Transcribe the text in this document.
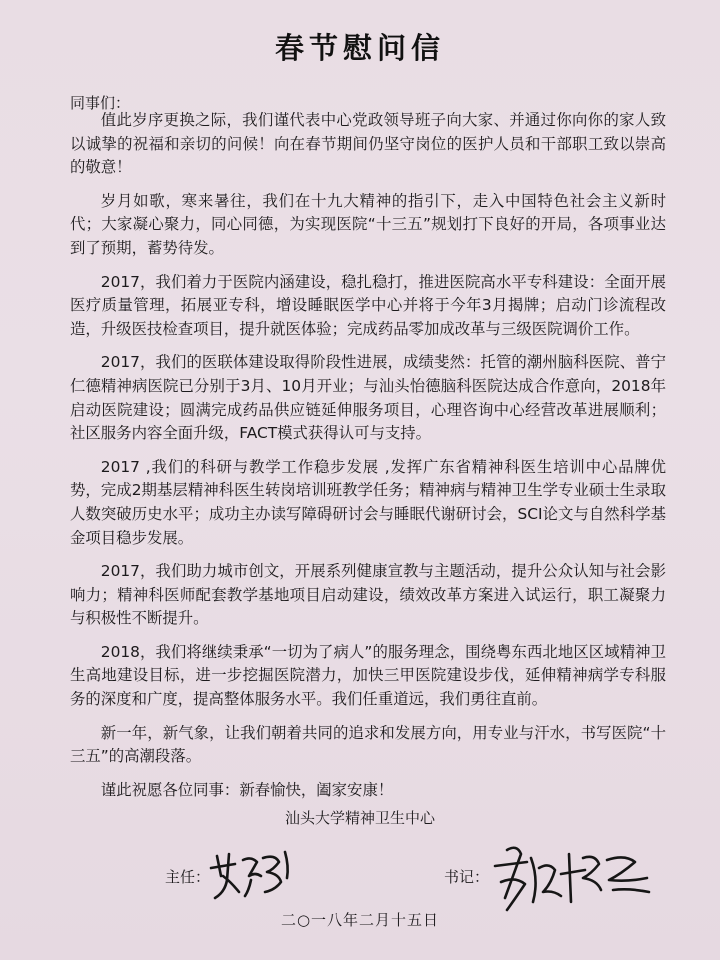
春节慰问信
同事们：

值此岁序更换之际，我们谨代表中心党政领导班子向大家、并通过你向你的家人致以诚挚的祝福和亲切的问候！向在春节期间仍坚守岗位的医护人员和干部职工致以崇高的敬意！

岁月如歌，寒来暑往，我们在十九大精神的指引下，走入中国特色社会主义新时代；大家凝心聚力，同心同德，为实现医院“十三五”规划打下良好的开局，各项事业达到了预期，蓄势待发。

2017，我们着力于医院内涵建设，稳扎稳打，推进医院高水平专科建设：全面开展医疗质量管理，拓展亚专科，增设睡眠医学中心并将于今年3月揭牌；启动门诊流程改造，升级医技检查项目，提升就医体验；完成药品零加成改革与三级医院调价工作。

2017，我们的医联体建设取得阶段性进展，成绩斐然：托管的潮州脑科医院、普宁仁德精神病医院已分别于3月、10月开业；与汕头怡德脑科医院达成合作意向，2018年启动医院建设；圆满完成药品供应链延伸服务项目，心理咨询中心经营改革进展顺利；社区服务内容全面升级，FACT模式获得认可与支持。

2017 ,我们的科研与教学工作稳步发展 ,发挥广东省精神科医生培训中心品牌优势，完成2期基层精神科医生转岗培训班教学任务；精神病与精神卫生学专业硕士生录取人数突破历史水平；成功主办读写障碍研讨会与睡眠代谢研讨会，SCI论文与自然科学基金项目稳步发展。

2017，我们助力城市创文，开展系列健康宣教与主题活动，提升公众认知与社会影响力；精神科医师配套教学基地项目启动建设，绩效改革方案进入试运行，职工凝聚力与积极性不断提升。

2018，我们将继续秉承“一切为了病人”的服务理念，围绕粤东西北地区区域精神卫生高地建设目标，进一步挖掘医院潜力，加快三甲医院建设步伐，延伸精神病学专科服务的深度和广度，提高整体服务水平。我们任重道远，我们勇往直前。

新一年，新气象，让我们朝着共同的追求和发展方向，用专业与汗水，书写医院“十三五”的高潮段落。

谨此祝愿各位同事：新春愉快，阖家安康！

汕头大学精神卫生中心
主任：	书记：
二○一八年二月十五日
